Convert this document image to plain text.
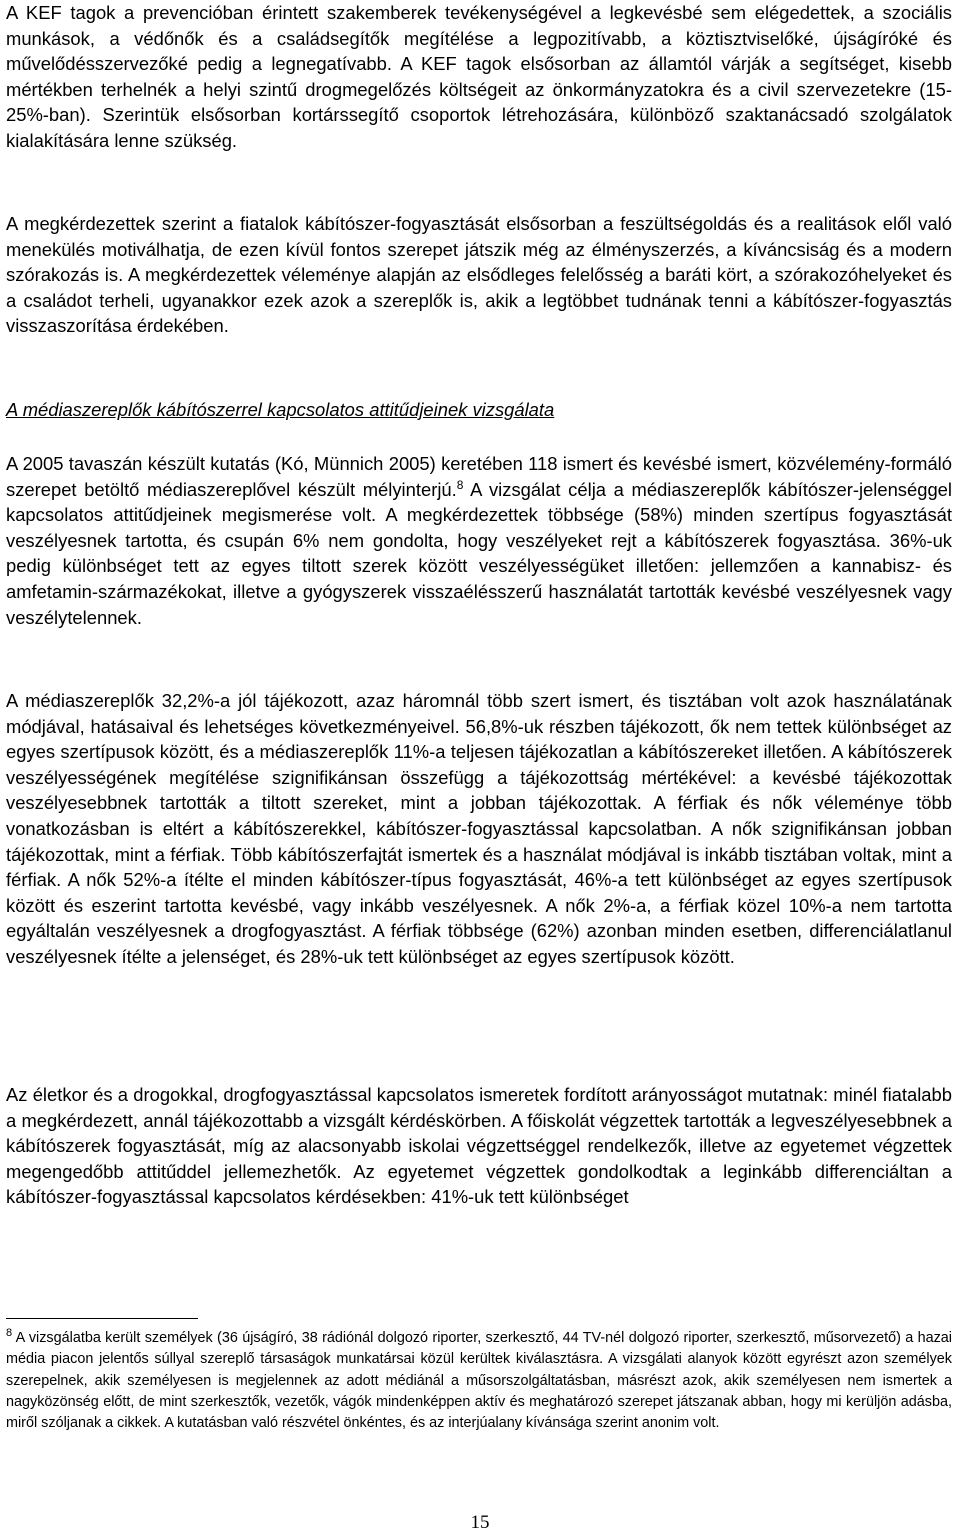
A KEF tagok a prevencióban érintett szakemberek tevékenységével a legkevésbé sem elégedettek, a szociális munkások, a védőnők és a családsegítők megítélése a legpozitívabb, a köztisztviselőké, újságíróké és művelődésszervezőké pedig a legnegatívabb. A KEF tagok elsősorban az államtól várják a segítséget, kisebb mértékben terhelnék a helyi szintű drogmegelőzés költségeit az önkormányzatokra és a civil szervezetekre (15-25%-ban). Szerintük elsősorban kortárssegítő csoportok létrehozására, különböző szaktanácsadó szolgálatok kialakítására lenne szükség.

A megkérdezettek szerint a fiatalok kábítószer-fogyasztását elsősorban a feszültségoldás és a realitások elől való menekülés motiválhatja, de ezen kívül fontos szerepet játszik még az élményszerzés, a kíváncsiság és a modern szórakozás is. A megkérdezettek véleménye alapján az elsődleges felelősség a baráti kört, a szórakozóhelyeket és a családot terheli, ugyanakkor ezek azok a szereplők is, akik a legtöbbet tudnának tenni a kábítószer-fogyasztás visszaszorítása érdekében.

A médiaszereplők kábítószerrel kapcsolatos attitűdjeinek vizsgálata

A 2005 tavaszán készült kutatás (Kó, Münnich 2005) keretében 118 ismert és kevésbé ismert, közvélemény-formáló szerepet betöltő médiaszereplővel készült mélyinterjú.$^8$ A vizsgálat célja a médiaszereplők kábítószer-jelenséggel kapcsolatos attitűdjeinek megismerése volt. A megkérdezettek többsége (58%) minden szertípus fogyasztását veszélyesnek tartotta, és csupán 6% nem gondolta, hogy veszélyeket rejt a kábítószerek fogyasztása. 36%-uk pedig különbséget tett az egyes tiltott szerek között veszélyességüket illetően: jellemzően a kannabisz- és amfetamin-származékokat, illetve a gyógyszerek visszaélésszerű használatát tartották kevésbé veszélyesnek vagy veszélytelennek.

A médiaszereplők 32,2%-a jól tájékozott, azaz háromnál több szert ismert, és tisztában volt azok használatának módjával, hatásaival és lehetséges következményeivel. 56,8%-uk részben tájékozott, ők nem tettek különbséget az egyes szertípusok között, és a médiaszereplők 11%-a teljesen tájékozatlan a kábítószereket illetően. A kábítószerek veszélyességének megítélése szignifikánsan összefügg a tájékozottság mértékével: a kevésbé tájékozottak veszélyesebbnek tartották a tiltott szereket, mint a jobban tájékozottak. A férfiak és nők véleménye több vonatkozásban is eltért a kábítószerekkel, kábítószer-fogyasztással kapcsolatban. A nők szignifikánsan jobban tájékozottak, mint a férfiak. Több kábítószerfajtát ismertek és a használat módjával is inkább tisztában voltak, mint a férfiak. A nők 52%-a ítélte el minden kábítószer-típus fogyasztását, 46%-a tett különbséget az egyes szertípusok között és eszerint tartotta kevésbé, vagy inkább veszélyesnek. A nők 2%-a, a férfiak közel 10%-a nem tartotta egyáltalán veszélyesnek a drogfogyasztást. A férfiak többsége (62%) azonban minden esetben, differenciálatlanul veszélyesnek ítélte a jelenséget, és 28%-uk tett különbséget az egyes szertípusok között.

Az életkor és a drogokkal, drogfogyasztással kapcsolatos ismeretek fordított arányosságot mutatnak: minél fiatalabb a megkérdezett, annál tájékozottabb a vizsgált kérdéskörben. A főiskolát végzettek tartották a legveszélyesebbnek a kábítószerek fogyasztását, míg az alacsonyabb iskolai végzettséggel rendelkezők, illetve az egyetemet végzettek megengedőbb attitűddel jellemezhetők. Az egyetemet végzettek gondolkodtak a leginkább differenciáltan a kábítószer-fogyasztással kapcsolatos kérdésekben: 41%-uk tett különbséget

$^8$ A vizsgálatba került személyek (36 újságíró, 38 rádiónál dolgozó riporter, szerkesztő, 44 TV-nél dolgozó riporter, szerkesztő, műsorvezető) a hazai média piacon jelentős súllyal szereplő társaságok munkatársai közül kerültek kiválasztásra. A vizsgálati alanyok között egyrészt azon személyek szerepelnek, akik személyesen is megjelennek az adott médiánál a műsorszolgáltatásban, másrészt azok, akik személyesen nem ismertek a nagyközönség előtt, de mint szerkesztők, vezetők, vágók mindenképpen aktív és meghatározó szerepet játszanak abban, hogy mi kerüljön adásba, miről szóljanak a cikkek. A kutatásban való részvétel önkéntes, és az interjúalany kívánsága szerint anonim volt.

15
